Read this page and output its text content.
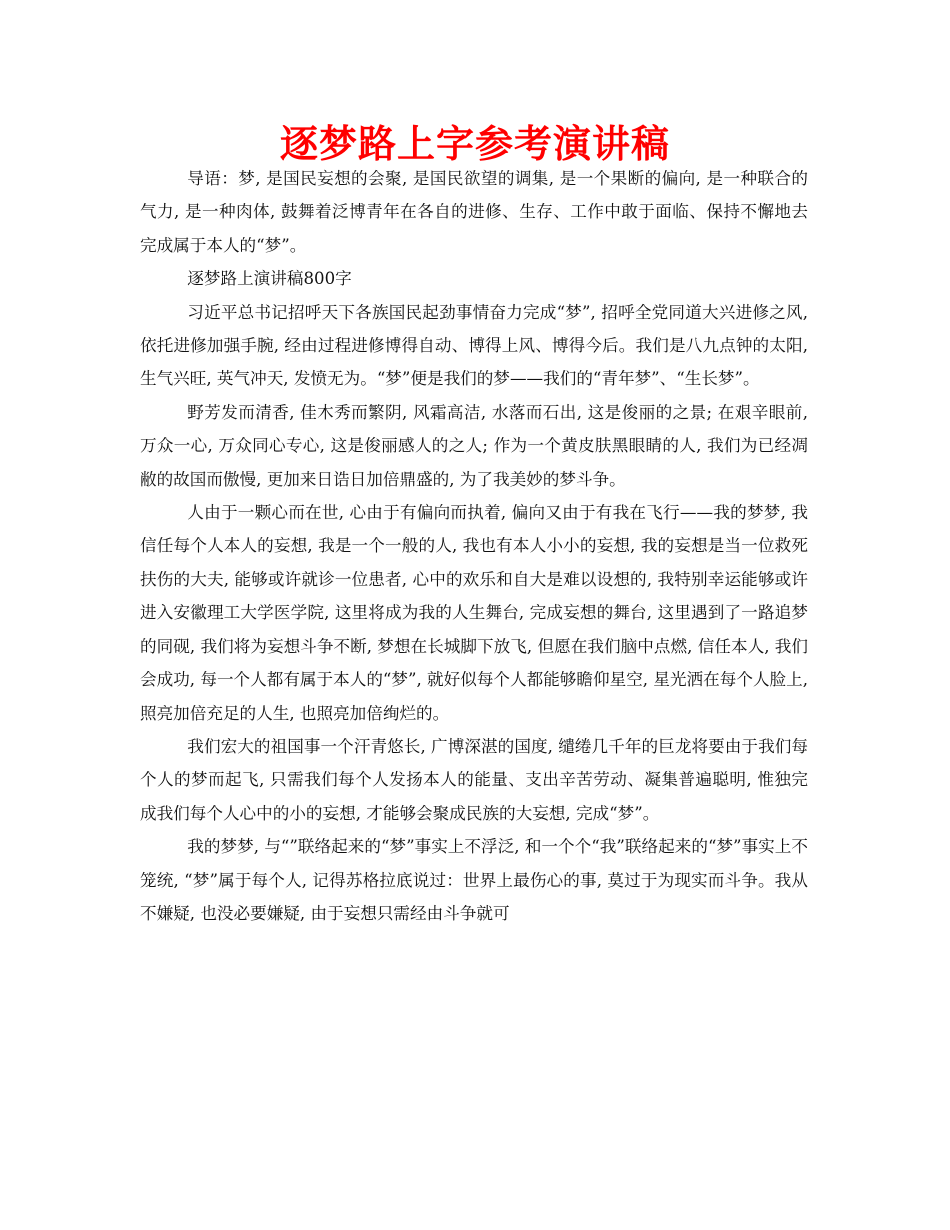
逐梦路上字参考演讲稿

导语：梦, 是国民妄想的会聚, 是国民欲望的调集, 是一个果断的偏向, 是一种联合的气力, 是一种肉体, 鼓舞着泛博青年在各自的进修、生存、工作中敢于面临、保持不懈地去完成属于本人的“梦”。

逐梦路上演讲稿800字

习近平总书记招呼天下各族国民起劲事情奋力完成“梦”, 招呼全党同道大兴进修之风, 依托进修加强手腕, 经由过程进修博得自动、博得上风、博得今后。我们是八九点钟的太阳, 生气兴旺, 英气冲天, 发愤无为。“梦”便是我们的梦——我们的“青年梦”、“生长梦”。

野芳发而清香, 佳木秀而繁阴, 风霜高洁, 水落而石出, 这是俊丽的之景; 在艰辛眼前, 万众一心, 万众同心专心, 这是俊丽感人的之人; 作为一个黄皮肤黑眼睛的人, 我们为已经凋敝的故国而傲慢, 更加来日诰日加倍鼎盛的, 为了我美妙的梦斗争。

人由于一颗心而在世, 心由于有偏向而执着, 偏向又由于有我在飞行——我的梦梦, 我信任每个人本人的妄想, 我是一个一般的人, 我也有本人小小的妄想, 我的妄想是当一位救死扶伤的大夫, 能够或许就诊一位患者, 心中的欢乐和自大是难以设想的, 我特别幸运能够或许进入安徽理工大学医学院, 这里将成为我的人生舞台, 完成妄想的舞台, 这里遇到了一路追梦的同砚, 我们将为妄想斗争不断, 梦想在长城脚下放飞, 但愿在我们脑中点燃, 信任本人, 我们会成功, 每一个人都有属于本人的“梦”, 就好似每个人都能够瞻仰星空, 星光洒在每个人脸上, 照亮加倍充足的人生, 也照亮加倍绚烂的。

我们宏大的祖国事一个汗青悠长, 广博深湛的国度, 缱绻几千年的巨龙将要由于我们每个人的梦而起飞, 只需我们每个人发扬本人的能量、支出辛苦劳动、凝集普遍聪明, 惟独完成我们每个人心中的小的妄想, 才能够会聚成民族的大妄想, 完成“梦”。

我的梦梦, 与“”联络起来的“梦”事实上不浮泛, 和一个个“我”联络起来的“梦”事实上不笼统, “梦”属于每个人, 记得苏格拉底说过：世界上最伤心的事, 莫过于为现实而斗争。我从不嫌疑, 也没必要嫌疑, 由于妄想只需经由斗争就可
